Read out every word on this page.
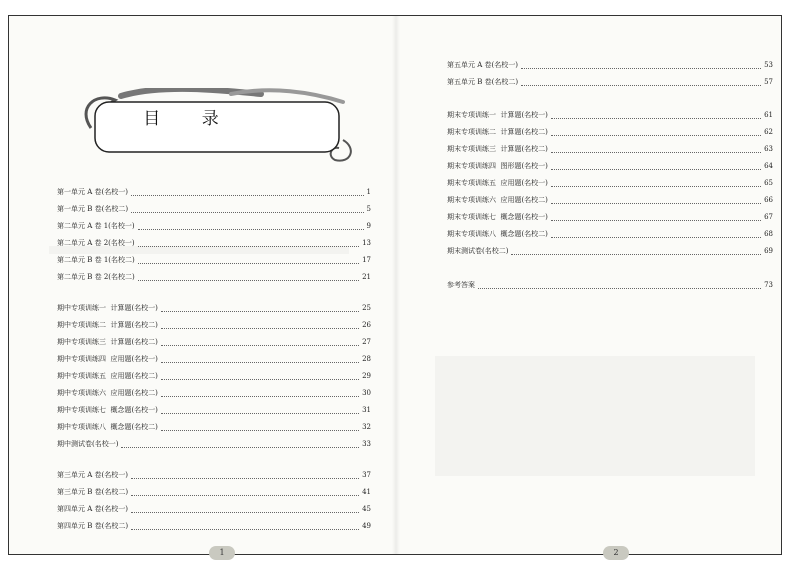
目 录
第一单元 A 卷(名校一)	1
第一单元 B 卷(名校二)	5
第二单元 A 卷 1(名校一)	9
第二单元 A 卷 2(名校一)	13
第二单元 B 卷 1(名校二)	17
第二单元 B 卷 2(名校二)	21
期中专项训练一  计算题(名校一)	25
期中专项训练二  计算题(名校二)	26
期中专项训练三  计算题(名校二)	27
期中专项训练四  应用题(名校一)	28
期中专项训练五  应用题(名校二)	29
期中专项训练六  应用题(名校二)	30
期中专项训练七  概念题(名校一)	31
期中专项训练八  概念题(名校二)	32
期中测试卷(名校一)	33
第三单元 A 卷(名校一)	37
第三单元 B 卷(名校二)	41
第四单元 A 卷(名校一)	45
第四单元 B 卷(名校二)	49
1
第五单元 A 卷(名校一)	53
第五单元 B 卷(名校二)	57
期末专项训练一  计算题(名校一)	61
期末专项训练二  计算题(名校二)	62
期末专项训练三  计算题(名校二)	63
期末专项训练四  图形题(名校一)	64
期末专项训练五  应用题(名校一)	65
期末专项训练六  应用题(名校二)	66
期末专项训练七  概念题(名校一)	67
期末专项训练八  概念题(名校二)	68
期末测试卷(名校二)	69
参考答案	73
2
